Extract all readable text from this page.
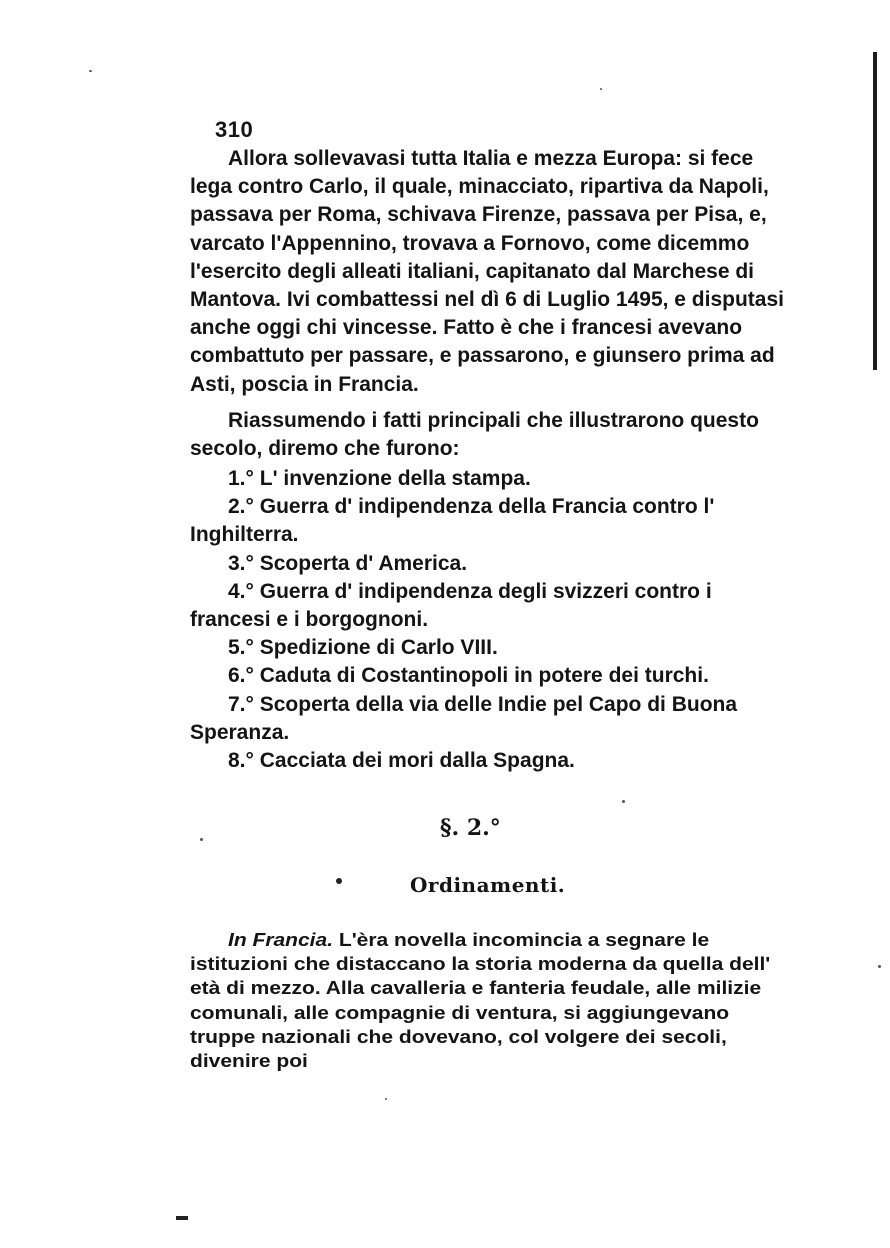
310
Allora sollevavasi tutta Italia e mezza Europa: si fece lega contro Carlo, il quale, minacciato, ripartiva da Napoli, passava per Roma, schivava Firenze, passava per Pisa, e, varcato l'Appennino, trovava a Fornovo, come dicemmo l'esercito degli alleati italiani, capitanato dal Marchese di Mantova. Ivi combattessi nel dì 6 di Luglio 1495, e disputasi anche oggi chi vincesse. Fatto è che i francesi avevano combattuto per passare, e passarono, e giunsero prima ad Asti, poscia in Francia.
Riassumendo i fatti principali che illustrarono questo secolo, diremo che furono:
1.° L' invenzione della stampa.
2.° Guerra d' indipendenza della Francia contro l' Inghilterra.
3.° Scoperta d' America.
4.° Guerra d' indipendenza degli svizzeri contro i francesi e i borgognoni.
5.° Spedizione di Carlo VIII.
6.° Caduta di Costantinopoli in potere dei turchi.
7.° Scoperta della via delle Indie pel Capo di Buona Speranza.
8.° Cacciata dei mori dalla Spagna.
§. 2.°
Ordinamenti.
In Francia. L'èra novella incomincia a segnare le istituzioni che distaccano la storia moderna da quella dell' età di mezzo. Alla cavalleria e fanteria feudale, alle milizie comunali, alle compagnie di ventura, si aggiungevano truppe nazionali che dovevano, col volgere dei secoli, divenire poi
